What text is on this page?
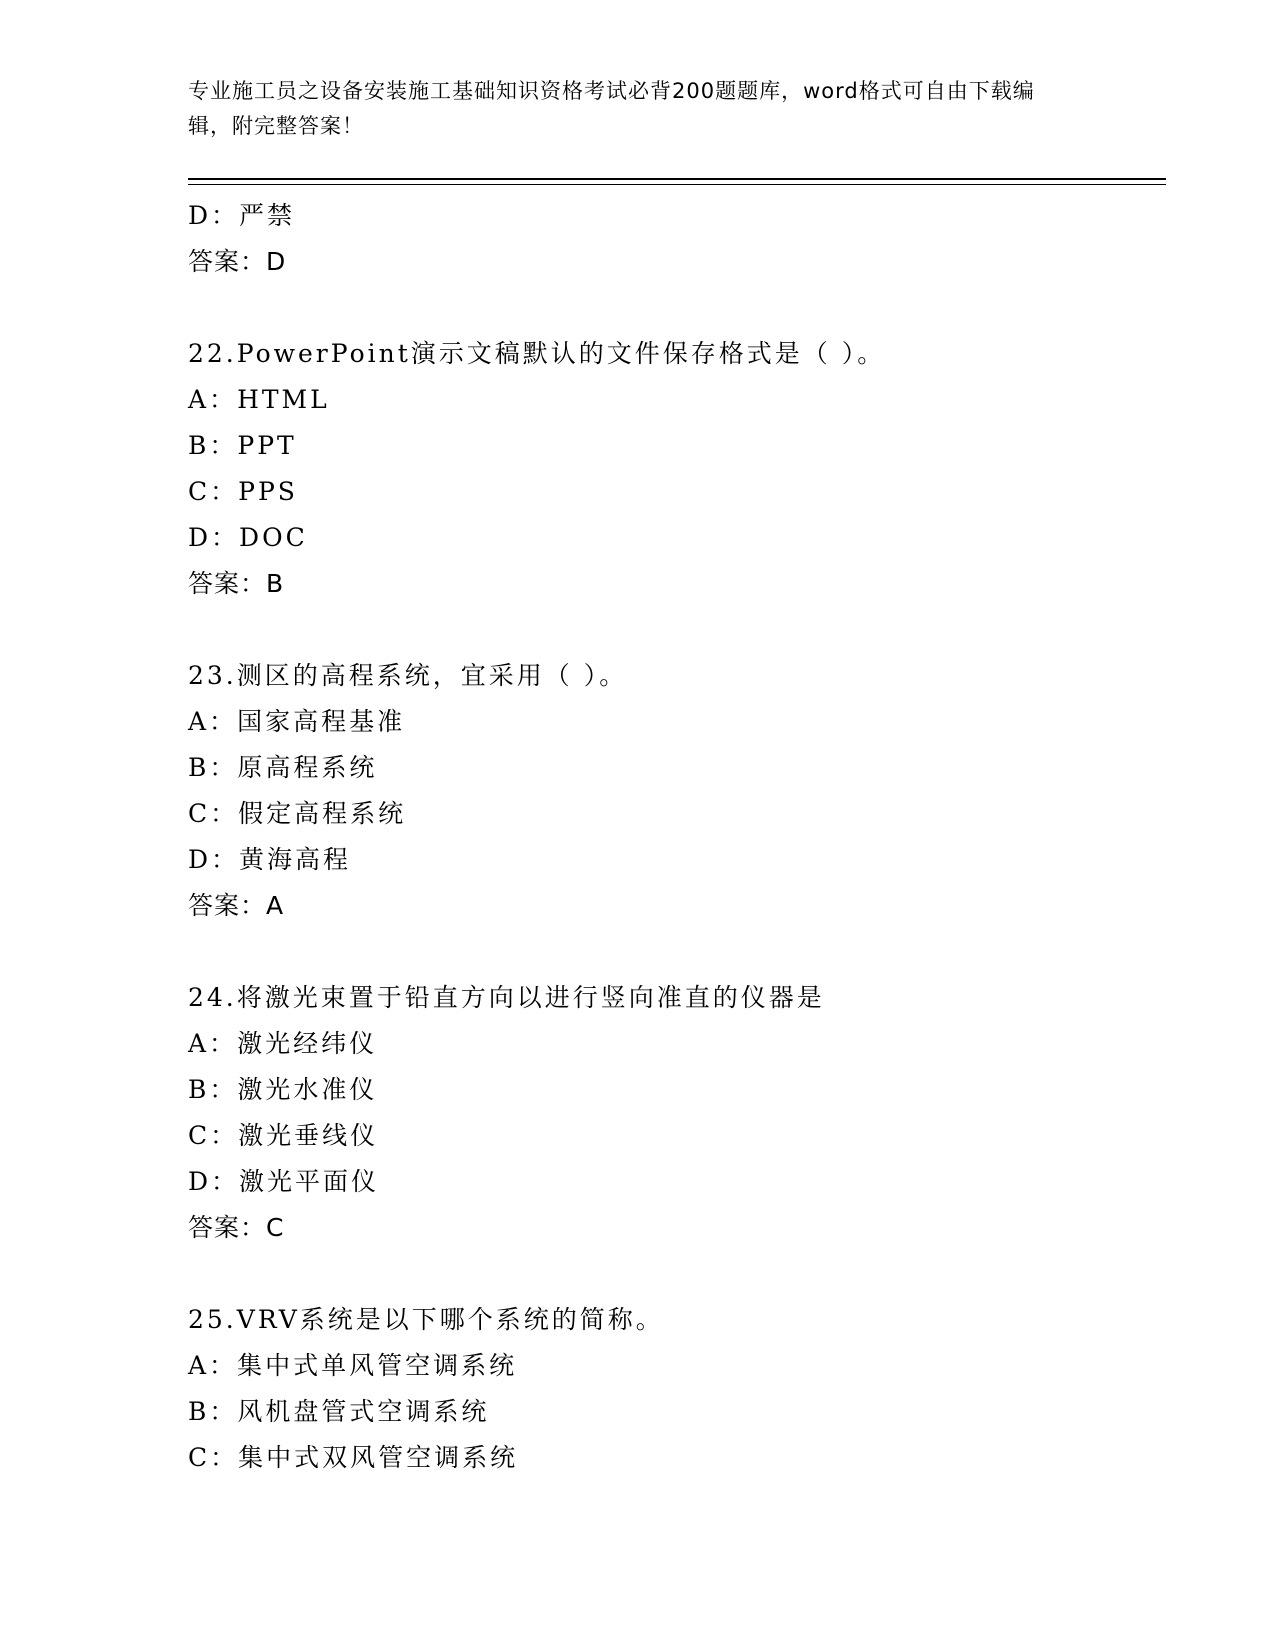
专业施工员之设备安装施工基础知识资格考试必背200题题库，word格式可自由下载编辑，附完整答案！
D：严禁
答案：D
22.PowerPoint演示文稿默认的文件保存格式是（ ）。
A：HTML
B：PPT
C：PPS
D：DOC
答案：B
23.测区的高程系统，宜采用（ ）。
A：国家高程基准
B：原高程系统
C：假定高程系统
D：黄海高程
答案：A
24.将激光束置于铅直方向以进行竖向准直的仪器是
A：激光经纬仪
B：激光水准仪
C：激光垂线仪
D：激光平面仪
答案：C
25.VRV系统是以下哪个系统的简称。
A：集中式单风管空调系统
B：风机盘管式空调系统
C：集中式双风管空调系统
